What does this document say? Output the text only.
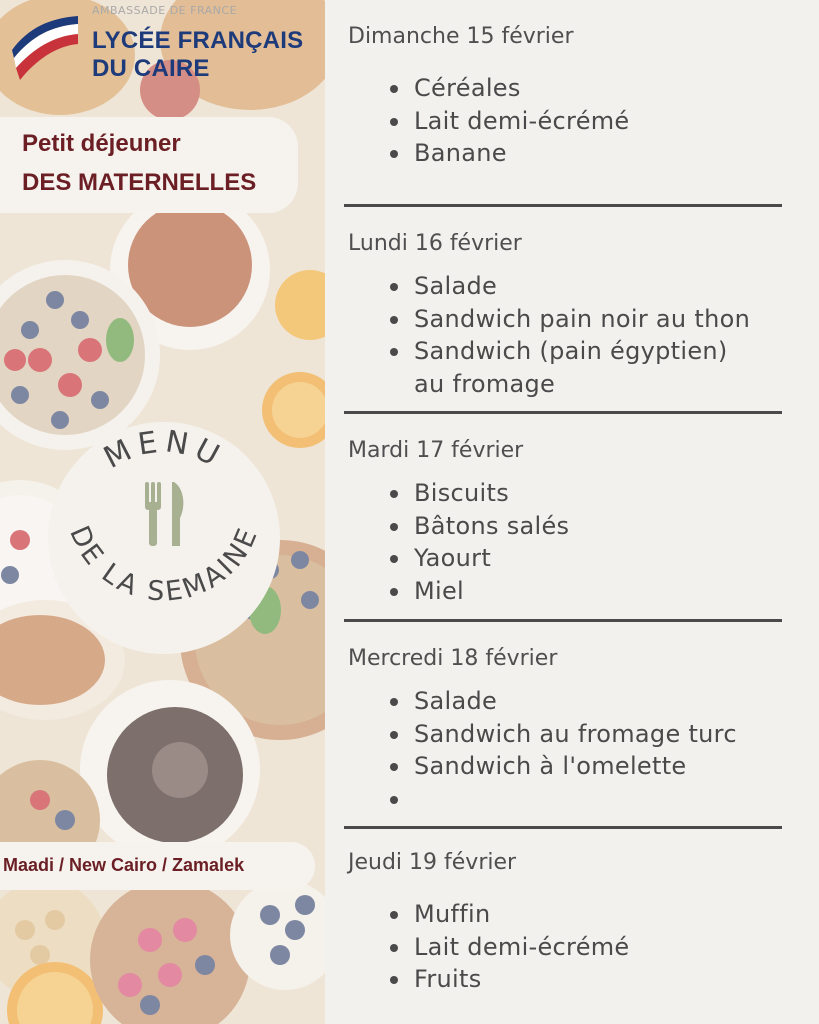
AMBASSADE DE FRANCE
LYCÉE FRANÇAIS
DU CAIRE
Petit déjeuner
DES MATERNELLES
MENU
DE LA SEMAINE
Maadi / New Cairo / Zamalek
Dimanche 15 février
Céréales
Lait demi-écrémé
Banane
Lundi 16 février
Salade
Sandwich pain noir au thon
Sandwich (pain égyptien)
au fromage
Mardi 17 février
Biscuits
Bâtons salés
Yaourt
Miel
Mercredi 18 février
Salade
Sandwich au fromage turc
Sandwich à l'omelette
Jeudi 19 février
Muffin
Lait demi-écrémé
Fruits
